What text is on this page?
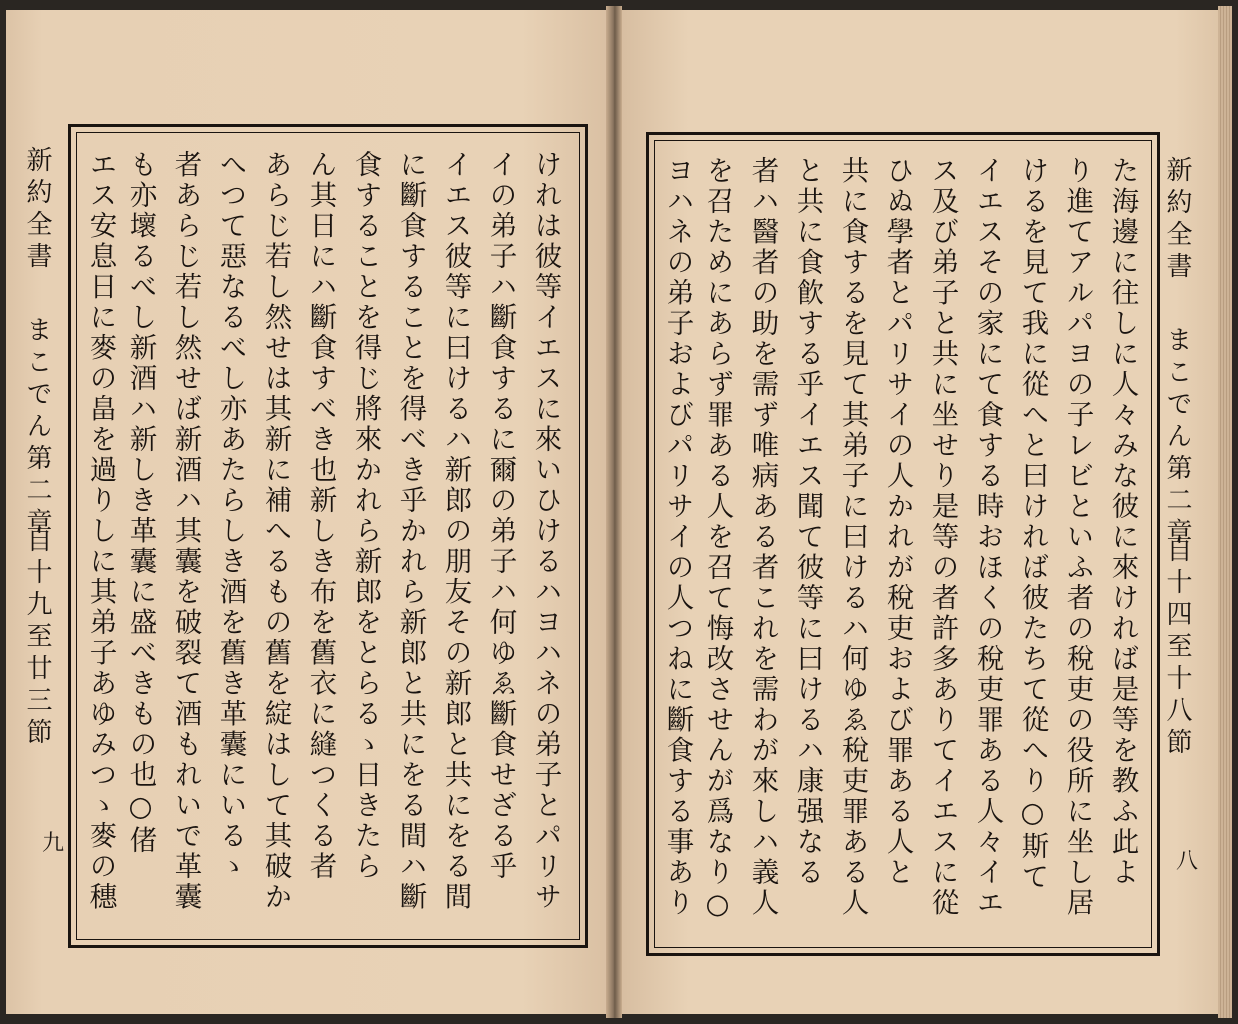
新約全書
まこでん第二章
自十九至廿三節
九	けれは彼等イエスに來いひけるハヨハネの弟子とパリサ
イの弟子ハ斷食するに爾の弟子ハ何ゆゑ斷食せざる乎
イエス彼等に曰けるハ新郎の朋友その新郎と共にをる間
に斷食することを得べき乎かれら新郎と共にをる間ハ斷
食することを得じ將來かれら新郎をとらるゝ日きたら
ん其日にハ斷食すべき也新しき布を舊衣に縫つくる者
あらじ若し然せは其新に補へるもの舊を綻はして其破か
へつて惡なるべし亦あたらしき酒を舊き革囊にいるゝ
者あらじ若し然せば新酒ハ其囊を破裂て酒もれいで革囊
も亦壞るべし新酒ハ新しき革囊に盛べきもの也○偖
エス安息日に麥の畠を過りしに其弟子あゆみつゝ麥の穗	た海邊に往しに人々みな彼に來ければ是等を教ふ此よ
り進てアルパヨの子レビといふ者の稅吏の役所に坐し居
けるを見て我に從へと曰ければ彼たちて從へり○斯て
イエスその家にて食する時おほくの稅吏罪ある人々イエ
ス及び弟子と共に坐せり是等の者許多ありてイエスに從
ひぬ學者とパリサイの人かれが稅吏および罪ある人と
共に食するを見て其弟子に曰けるハ何ゆゑ稅吏罪ある人
と共に食飮する乎イエス聞て彼等に曰けるハ康强なる
者ハ醫者の助を需ず唯病ある者これを需わが來しハ義人
を召ためにあらず罪ある人を召て悔改させんが爲なり○
ヨハネの弟子およびパリサイの人つねに斷食する事あり	新約全書
まこでん第二章
自十四至十八節
八
